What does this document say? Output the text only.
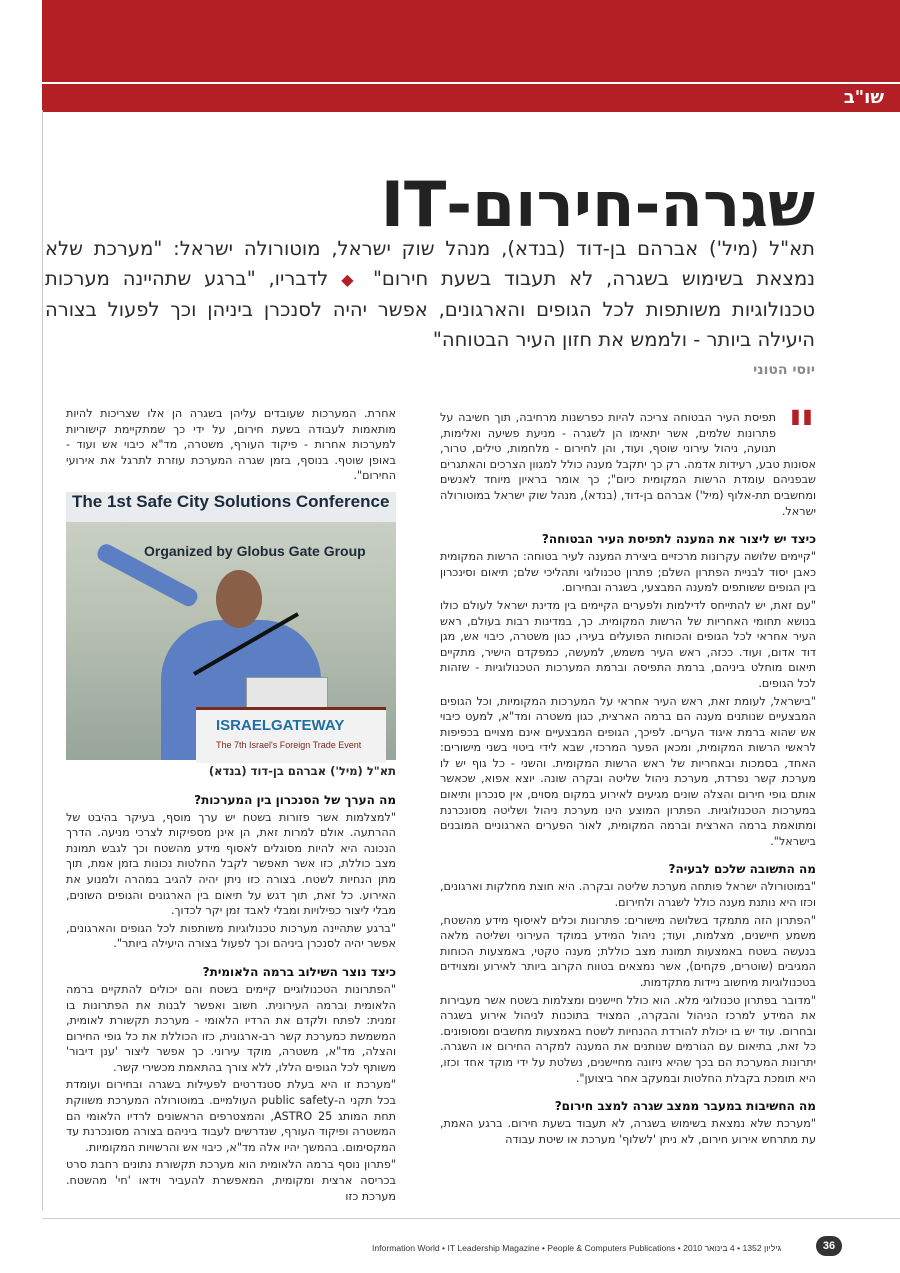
שו"ב
שגרה-חירום-IT
תא"ל (מיל') אברהם בן-דוד (בנדא), מנהל שוק ישראל, מוטורולה ישראל: "מערכת שלא נמצאת בשימוש בשגרה, לא תעבוד בשעת חירום" ◆ לדבריו, "ברגע שתהיינה מערכות טכנולוגיות משותפות לכל הגופים והארגונים, אפשר יהיה לסנכרן ביניהן וכך לפעול בצורה היעילה ביותר - ולממש את חזון העיר הבטוחה"
יוסי הטוני
"

תפיסת העיר הבטוחה צריכה להיות כפרשנות מרחיבה, תוך חשיבה על פתרונות שלמים, אשר יתאימו הן לשגרה - מניעת פשיעה ואלימות, תנועה, ניהול עירוני שוטף, ועוד, והן לחירום - מלחמות, טילים, טרור, אסונות טבע, רעידות אדמה. רק כך יתקבל מענה כולל למגוון הצרכים והאתגרים שבפניהם עומדת הרשות המקומית כיום"; כך אומר בראיון מיוחד לאנשים ומחשבים תת-אלוף (מיל') אברהם בן-דוד, (בנדא), מנהל שוק ישראל במוטורולה ישראל.

כיצד יש ליצור את המענה לתפיסת העיר הבטוחה?

"קיימים שלושה עקרונות מרכזיים ביצירת המענה לעיר בטוחה: הרשות המקומית כאבן יסוד לבניית הפתרון השלם; פתרון טכנולוגי ותהליכי שלם; תיאום וסינכרון בין הגופים ששותפים למענה המבצעי, בשגרה ובחירום.

"עם זאת, יש להתייחס לדילמות ולפערים הקיימים בין מדינת ישראל לעולם כולו בנושא תחומי האחריות של הרשות המקומית. כך, במדינות רבות בעולם, ראש העיר אחראי לכל הגופים והכוחות הפועלים בעירו, כגון משטרה, כיבוי אש, מגן דוד אדום, ועוד. ככזה, ראש העיר משמש, למעשה, כמפקדם הישיר, מתקיים תיאום מוחלט ביניהם, ברמת התפיסה וברמת המערכות הטכנולוגיות - שזהות לכל הגופים.

"בישראל, לעומת זאת, ראש העיר אחראי על המערכות המקומיות, וכל הגופים המבצעיים שנותנים מענה הם ברמה הארצית, כגון משטרה ומד"א, למעט כיבוי אש שהוא ברמת איגוד הערים. לפיכך, הגופים המבצעיים אינם מצויים בכפיפות לראשי הרשות המקומית, ומכאן הפער המרכזי, שבא לידי ביטוי בשני מישורים: האחד, בסמכות ובאחריות של ראש הרשות המקומית. והשני - כל גוף יש לו מערכת קשר נפרדת, מערכת ניהול שליטה ובקרה שונה. יוצא אפוא, שכאשר אותם גופי חירום והצלה שונים מגיעים לאירוע במקום מסוים, אין סנכרון ותיאום במערכות הטכנולוגיות. הפתרון המוצע הינו מערכת ניהול ושליטה מסונכרנת ומתואמת ברמה הארצית וברמה המקומית, לאור הפערים הארגוניים המובנים בישראל".

מה התשובה שלכם לבעיה?

"במוטורולה ישראל פותחה מערכת שליטה ובקרה. היא חוצת מחלקות וארגונים, וכזו היא נותנת מענה כולל לשגרה ולחירום.

"הפתרון הזה מתמקד בשלושה מישורים: פתרונות וכלים לאיסוף מידע מהשטח, משמע חיישנים, מצלמות, ועוד; ניהול המידע במוקד העירוני ושליטה מלאה בנעשה בשטח באמצעות תמונת מצב כוללת; מענה טקטי, באמצעות הכוחות המגיבים (שוטרים, פקחים), אשר נמצאים בטווח הקרוב ביותר לאירוע ומצוידים בטכנולוגיות מיחשוב ניידות מתקדמות.

"מדובר בפתרון טכנולוגי מלא. הוא כולל חיישנים ומצלמות בשטח אשר מעבירות את המידע למרכז הניהול והבקרה, המצויד בתוכנות לניהול אירוע בשגרה ובחרום. עוד יש בו יכולת להורדת ההנחיות לשטח באמצעות מחשבים ומסופונים. כל זאת, בתיאום עם הגורמים שנותנים את המענה למקרה החירום או השגרה. יתרונות המערכת הם בכך שהיא ניזונה מחיישנים, נשלטת על ידי מוקד אחד וכזו, היא תומכת בקבלת החלטות ובמעקב אחר ביצוען".

מה החשיבות במעבר ממצב שגרה למצב חירום?

"מערכת שלא נמצאת בשימוש בשגרה, לא תעבוד בשעת חירום. ברגע האמת, עת מתרחש אירוע חירום, לא ניתן 'לשלוף' מערכת או שיטת עבודה

אחרת. המערכות שעובדים עליהן בשגרה הן אלו שצריכות להיות מותאמות לעבודה בשעת חירום, על ידי כך שמתקיימת קישוריות למערכות אחרות - פיקוד העורף, משטרה, מד"א כיבוי אש ועוד - באופן שוטף. בנוסף, בזמן שגרה המערכת עוזרת לתרגל את אירועי החירום".

The 1st Safe City Solutions Conference
Organized by Globus Gate Group
ISRAELGATEWAY
The 7th Israel's Foreign Trade Event

תא"ל (מיל') אברהם בן-דוד (בנדא)

מה הערך של הסנכרון בין המערכות?

"למצלמות אשר פזורות בשטח יש ערך מוסף, בעיקר בהיבט של ההרתעה. אולם למרות זאת, הן אינן מספיקות לצרכי מניעה. הדרך הנכונה היא להיות מסוגלים לאסוף מידע מהשטח וכך לגבש תמונת מצב כוללת, כזו אשר תאפשר לקבל החלטות נכונות בזמן אמת, תוך מתן הנחיות לשטח. בצורה כזו ניתן יהיה להגיב במהרה ולמנוע את האירוע. כל זאת, תוך דגש על תיאום בין הארגונים והגופים השונים, מבלי ליצור כפילויות ומבלי לאבד זמן יקר לכדוך.

"ברגע שתהיינה מערכות טכנולוגיות משותפות לכל הגופים והארגונים, אפשר יהיה לסנכרן ביניהם וכך לפעול בצורה היעילה ביותר".

כיצד נוצר השילוב ברמה הלאומית?

"הפתרונות הטכנולוגיים קיימים בשטח והם יכולים להתקיים ברמה הלאומית וברמה העירונית. חשוב ואפשר לבנות את הפתרונות בו זמנית: לפתח ולקדם את הרדיו הלאומי - מערכת תקשורת לאומית, המשמשת כמערכת קשר רב-ארגונית, כזו הכוללת את כל גופי החירום והצלה, מד"א, משטרה, מוקד עירוני. כך אפשר ליצור 'ענן דיבור' משותף לכל הגופים הללו, ללא צורך בהתאמת מכשירי קשר.

"מערכת זו היא בעלת סטנדרטים לפעילות בשגרה ובחירום ועומדת בכל תקני ה-public safety העולמיים. במוטורולה המערכת משווקת תחת המותג ASTRO 25, והמצטרפים הראשונים לרדיו הלאומי הם המשטרה ופיקוד העורף, שנדרשים לעבוד ביניהם בצורה מסונכרנת עד המקסימום. בהמשך יהיו אלה מד"א, כיבוי אש והרשויות המקומיות.

"פתרון נוסף ברמה הלאומית הוא מערכת תקשורת נתונים רחבת סרט בכריסה ארצית ומקומית, המאפשרת להעביר וידאו 'חי' מהשטח. מערכת כזו

Information World • IT Leadership Magazine • People & Computers Publications • 2010 גיליון 1352 • 4 בינואר	36
